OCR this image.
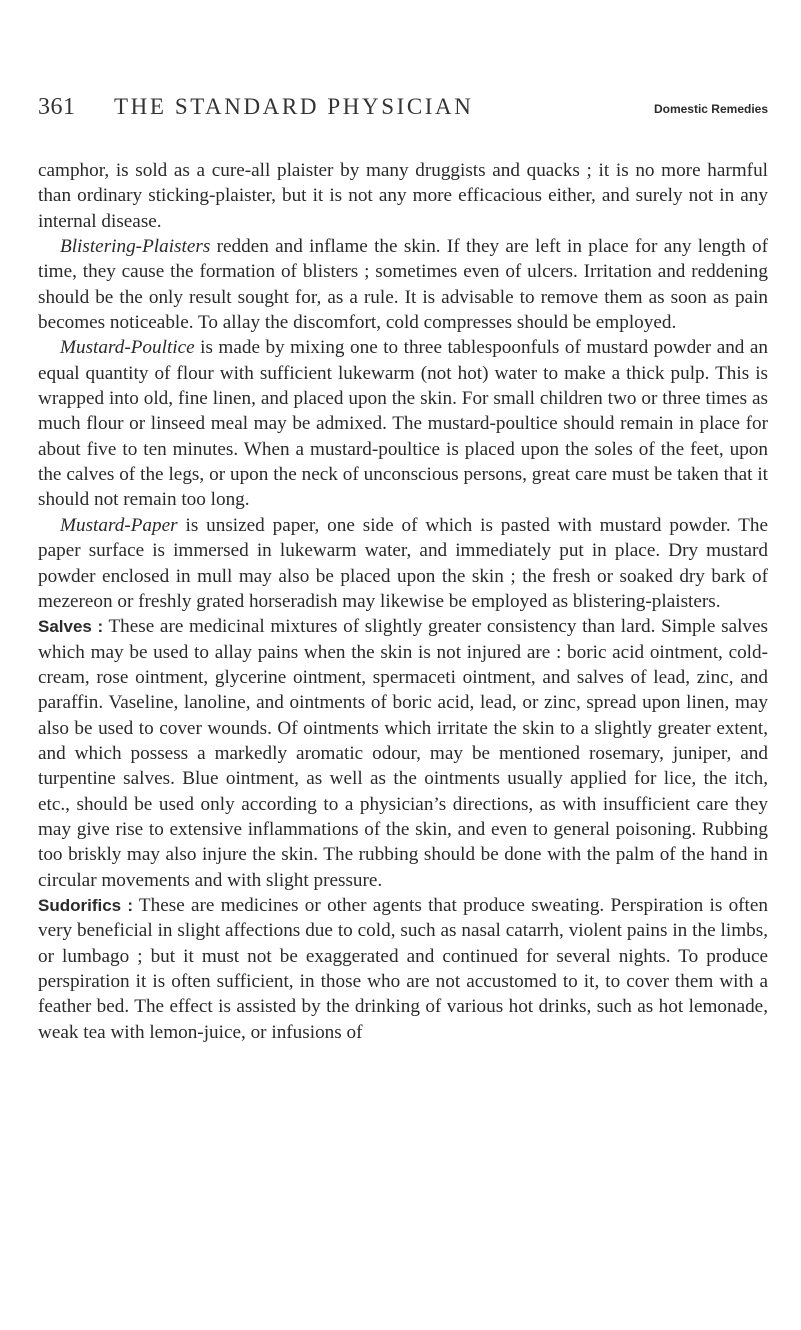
361 THE STANDARD PHYSICIAN	Domestic Remedies

camphor, is sold as a cure-all plaister by many druggists and quacks ; it is no more harmful than ordinary sticking-plaister, but it is not any more efficacious either, and surely not in any internal disease.

Blistering-Plaisters redden and inflame the skin. If they are left in place for any length of time, they cause the formation of blisters ; sometimes even of ulcers. Irritation and reddening should be the only result sought for, as a rule. It is advisable to remove them as soon as pain becomes noticeable. To allay the discomfort, cold compresses should be employed.

Mustard-Poultice is made by mixing one to three tablespoonfuls of mustard powder and an equal quantity of flour with sufficient lukewarm (not hot) water to make a thick pulp. This is wrapped into old, fine linen, and placed upon the skin. For small children two or three times as much flour or linseed meal may be admixed. The mustard-poultice should remain in place for about five to ten minutes. When a mustard-poultice is placed upon the soles of the feet, upon the calves of the legs, or upon the neck of unconscious persons, great care must be taken that it should not remain too long.

Mustard-Paper is unsized paper, one side of which is pasted with mustard powder. The paper surface is immersed in lukewarm water, and immediately put in place. Dry mustard powder enclosed in mull may also be placed upon the skin ; the fresh or soaked dry bark of mezereon or freshly grated horseradish may likewise be employed as blistering-plaisters.

Salves : These are medicinal mixtures of slightly greater consistency than lard. Simple salves which may be used to allay pains when the skin is not injured are : boric acid ointment, cold-cream, rose ointment, glycerine ointment, spermaceti ointment, and salves of lead, zinc, and paraffin. Vaseline, lanoline, and ointments of boric acid, lead, or zinc, spread upon linen, may also be used to cover wounds. Of ointments which irritate the skin to a slightly greater extent, and which possess a markedly aromatic odour, may be mentioned rosemary, juniper, and turpentine salves. Blue ointment, as well as the ointments usually applied for lice, the itch, etc., should be used only according to a physician’s directions, as with insufficient care they may give rise to extensive inflammations of the skin, and even to general poisoning. Rubbing too briskly may also injure the skin. The rubbing should be done with the palm of the hand in circular movements and with slight pressure.

Sudorifics : These are medicines or other agents that produce sweating. Perspiration is often very beneficial in slight affections due to cold, such as nasal catarrh, violent pains in the limbs, or lumbago ; but it must not be exaggerated and continued for several nights. To produce perspiration it is often sufficient, in those who are not accustomed to it, to cover them with a feather bed. The effect is assisted by the drinking of various hot drinks, such as hot lemonade, weak tea with lemon-juice, or infusions of
